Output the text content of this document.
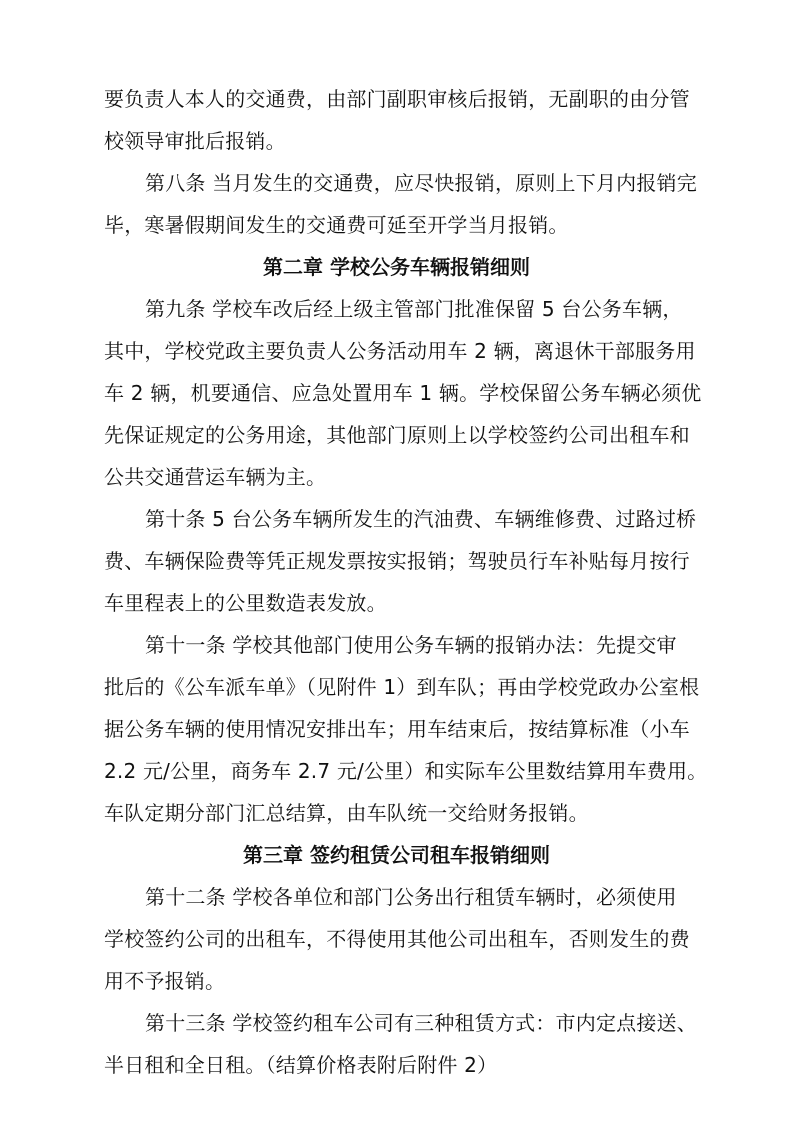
要负责人本人的交通费，由部门副职审核后报销，无副职的由分管
校领导审批后报销。
第八条 当月发生的交通费，应尽快报销，原则上下月内报销完
毕，寒暑假期间发生的交通费可延至开学当月报销。
第二章 学校公务车辆报销细则
第九条 学校车改后经上级主管部门批准保留 5 台公务车辆，
其中，学校党政主要负责人公务活动用车 2 辆，离退休干部服务用
车 2 辆，机要通信、应急处置用车 1 辆。学校保留公务车辆必须优
先保证规定的公务用途，其他部门原则上以学校签约公司出租车和
公共交通营运车辆为主。
第十条 5 台公务车辆所发生的汽油费、车辆维修费、过路过桥
费、车辆保险费等凭正规发票按实报销；驾驶员行车补贴每月按行
车里程表上的公里数造表发放。
第十一条 学校其他部门使用公务车辆的报销办法：先提交审
批后的《公车派车单》（见附件 1）到车队；再由学校党政办公室根
据公务车辆的使用情况安排出车；用车结束后，按结算标准（小车
2.2 元/公里，商务车 2.7 元/公里）和实际车公里数结算用车费用。
车队定期分部门汇总结算，由车队统一交给财务报销。
第三章 签约租赁公司租车报销细则
第十二条 学校各单位和部门公务出行租赁车辆时，必须使用
学校签约公司的出租车，不得使用其他公司出租车，否则发生的费
用不予报销。
第十三条 学校签约租车公司有三种租赁方式：市内定点接送、
半日租和全日租。（结算价格表附后附件 2）
